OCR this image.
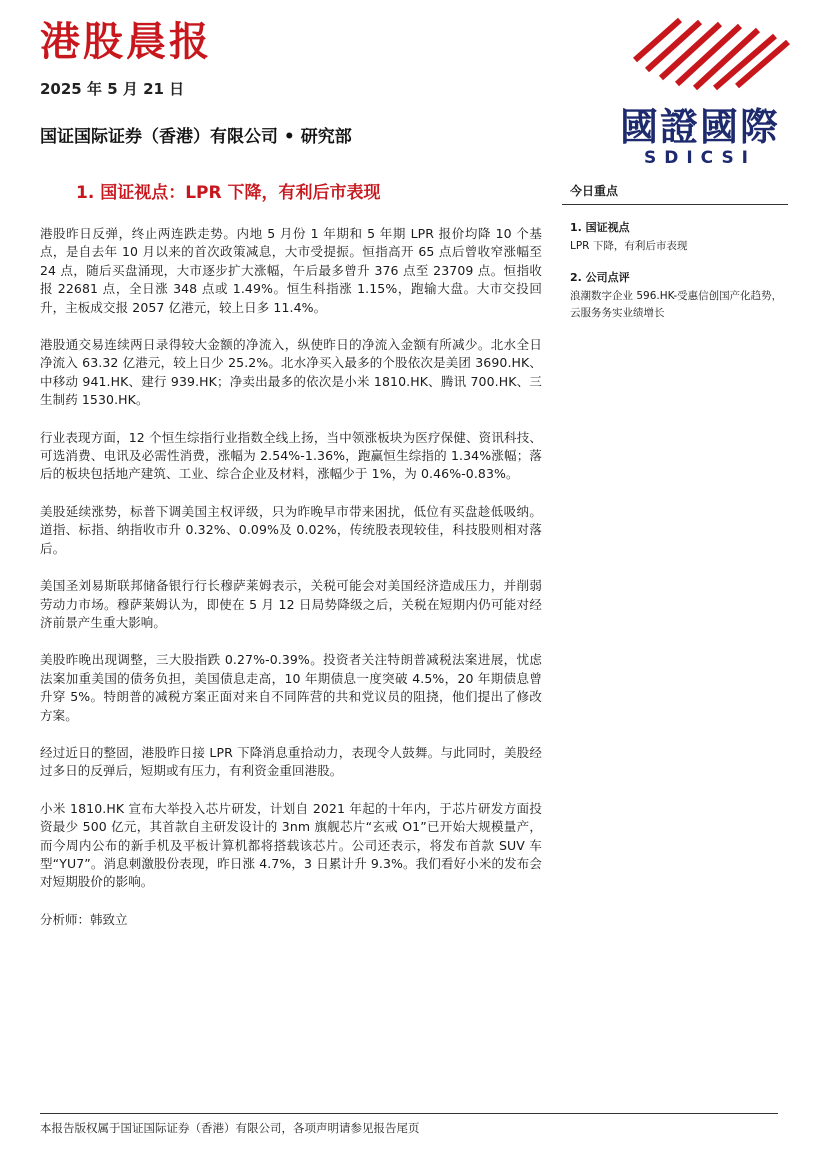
港股晨报
2025 年 5 月 21 日
国证国际证券（香港）有限公司 • 研究部	國證國際
SDICSI
1. 国证视点：LPR 下降，有利后市表现

港股昨日反弹，终止两连跌走势。内地 5 月份 1 年期和 5 年期 LPR 报价均降 10 个基点，是自去年 10 月以来的首次政策减息，大市受提振。恒指高开 65 点后曾收窄涨幅至 24 点，随后买盘涌现，大市逐步扩大涨幅，午后最多曾升 376 点至 23709 点。恒指收报 22681 点，全日涨 348 点或 1.49%。恒生科指涨 1.15%，跑输大盘。大市交投回升，主板成交报 2057 亿港元，较上日多 11.4%。

港股通交易连续两日录得较大金额的净流入，纵使昨日的净流入金额有所减少。北水全日净流入 63.32 亿港元，较上日少 25.2%。北水净买入最多的个股依次是美团 3690.HK、中移动 941.HK、建行 939.HK；净卖出最多的依次是小米 1810.HK、腾讯 700.HK、三生制药 1530.HK。

行业表现方面，12 个恒生综指行业指数全线上扬，当中领涨板块为医疗保健、资讯科技、可选消费、电讯及必需性消费，涨幅为 2.54%-1.36%，跑赢恒生综指的 1.34%涨幅；落后的板块包括地产建筑、工业、综合企业及材料，涨幅少于 1%，为 0.46%-0.83%。

美股延续涨势，标普下调美国主权评级，只为昨晚早市带来困扰，低位有买盘趁低吸纳。道指、标指、纳指收市升 0.32%、0.09%及 0.02%，传统股表现较佳，科技股则相对落后。

美国圣刘易斯联邦储备银行行长穆萨莱姆表示，关税可能会对美国经济造成压力，并削弱劳动力市场。穆萨莱姆认为，即使在 5 月 12 日局势降级之后，关税在短期内仍可能对经济前景产生重大影响。

美股昨晚出现调整，三大股指跌 0.27%-0.39%。投资者关注特朗普减税法案进展，忧虑法案加重美国的债务负担，美国债息走高，10 年期债息一度突破 4.5%，20 年期债息曾升穿 5%。特朗普的减税方案正面对来自不同阵营的共和党议员的阻挠，他们提出了修改方案。

经过近日的整固，港股昨日接 LPR 下降消息重拾动力，表现令人鼓舞。与此同时，美股经过多日的反弹后，短期或有压力，有利资金重回港股。

小米 1810.HK 宣布大举投入芯片研发，计划自 2021 年起的十年内，于芯片研发方面投资最少 500 亿元，其首款自主研发设计的 3nm 旗舰芯片“玄戒 O1”已开始大规模量产，而今周内公布的新手机及平板计算机都将搭载该芯片。公司还表示，将发布首款 SUV 车型“YU7”。消息刺激股份表现，昨日涨 4.7%，3 日累计升 9.3%。我们看好小米的发布会对短期股价的影响。

分析师：韩致立

今日重点
1. 国证视点
LPR 下降，有利后市表现
2. 公司点评
浪潮数字企业 596.HK-受惠信创国产化趋势，云服务务实业绩增长
本报告版权属于国证国际证券（香港）有限公司，各项声明请参见报告尾页
